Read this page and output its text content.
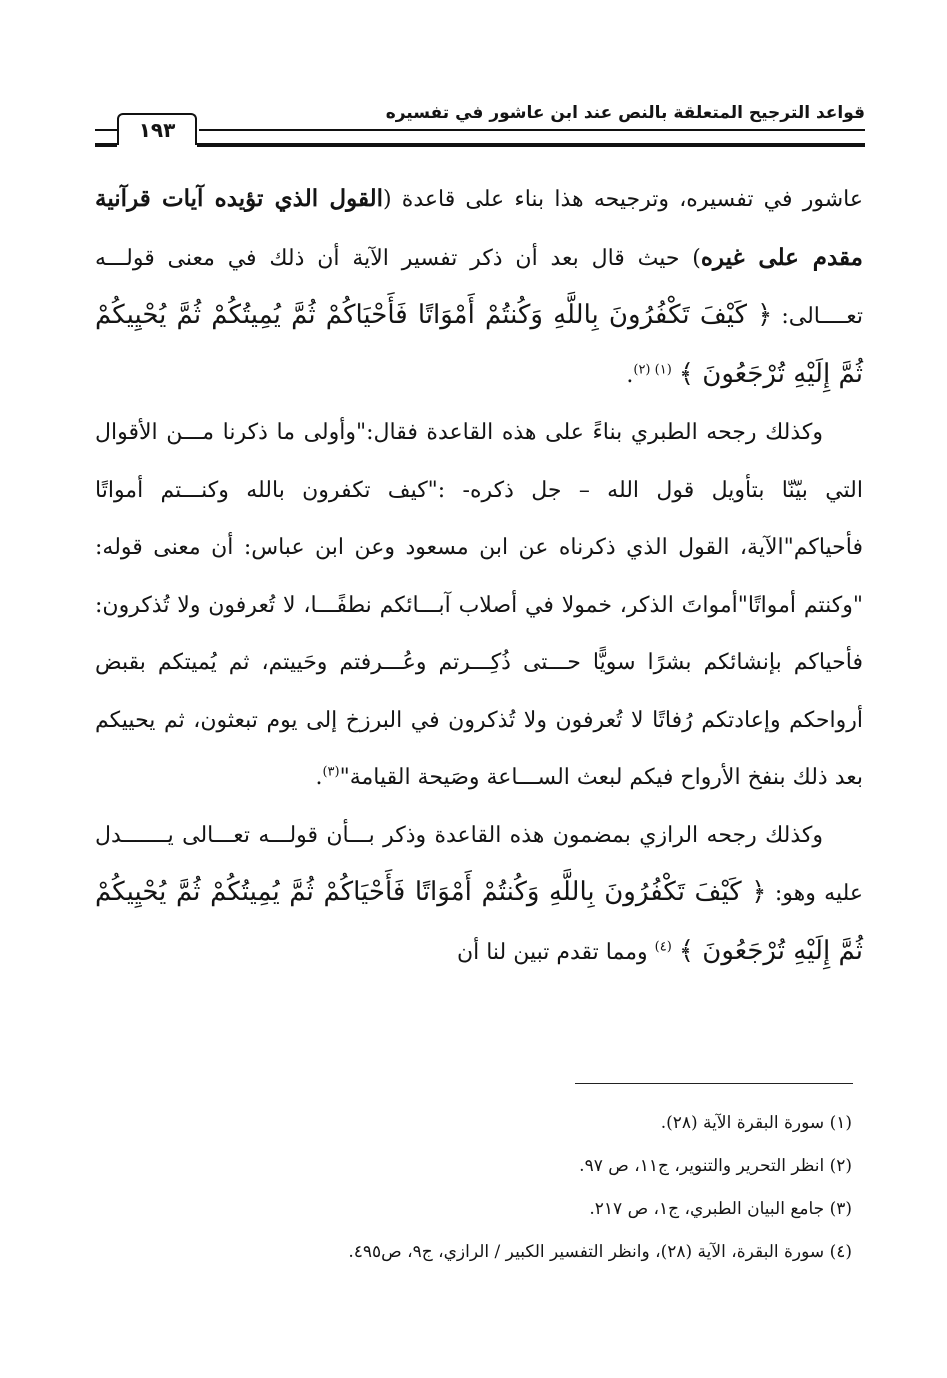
قواعد الترجيح المتعلقة بالنص عند ابن عاشور في تفسيره
١٩٣

عاشور في تفسيره، وترجيحه هذا بناء على قاعدة (القول الذي تؤيده آيات قرآنية مقدم على غيره) حيث قال بعد أن ذكر تفسير الآية أن ذلك في معنى قولـــه تعــــالى: ﴿ كَيْفَ تَكْفُرُونَ بِاللَّهِ وَكُنتُمْ أَمْوَاتًا فَأَحْيَاكُمْ ثُمَّ يُمِيتُكُمْ ثُمَّ يُحْيِيكُمْ ثُمَّ إِلَيْهِ تُرْجَعُونَ ﴾ $^{(١) (٢)}$.

وكذلك رجحه الطبري بناءً على هذه القاعدة فقال:"وأولى ما ذكرنا مـــن الأقوال التي بيّنّا بتأويل قول الله – جل ذكره- :"كيف تكفرون بالله وكنـــتم أمواتًا فأحياكم"الآية، القول الذي ذكرناه عن ابن مسعود وعن ابن عباس: أن معنى قوله: "وكنتم أمواتًا"أمواتَ الذكر، خمولا في أصلاب آبـــائكم نطفًـــا، لا تُعرفون ولا تُذكرون: فأحياكم بإنشائكم بشرًا سويًّا حـــتى ذُكِـــرتم وعُـــرفتم وحَييتم، ثم يُميتكم بقبض أرواحكم وإعادتكم رُفاتًا لا تُعرفون ولا تُذكرون في البرزخ إلى يوم تبعثون، ثم يحييكم بعد ذلك بنفخ الأرواح فيكم لبعث الســـاعة وصَيحة القيامة"$^{(٣)}$.

وكذلك رجحه الرازي بمضمون هذه القاعدة وذكر بـــأن قولـــه تعـــالى يـــــــدل عليه وهو: ﴿ كَيْفَ تَكْفُرُونَ بِاللَّهِ وَكُنتُمْ أَمْوَاتًا فَأَحْيَاكُمْ ثُمَّ يُمِيتُكُمْ ثُمَّ يُحْيِيكُمْ ثُمَّ إِلَيْهِ تُرْجَعُونَ ﴾ $^{(٤)}$ ومما تقدم تبين لنا أن

(١) سورة البقرة الآية (٢٨).

(٢) انظر التحرير والتنوير، ج١١، ص ٩٧.

(٣) جامع البيان الطبري، ج١، ص ٢١٧.

(٤) سورة البقرة، الآية (٢٨)، وانظر التفسير الكبير / الرازي، ج٩، ص٤٩٥.
